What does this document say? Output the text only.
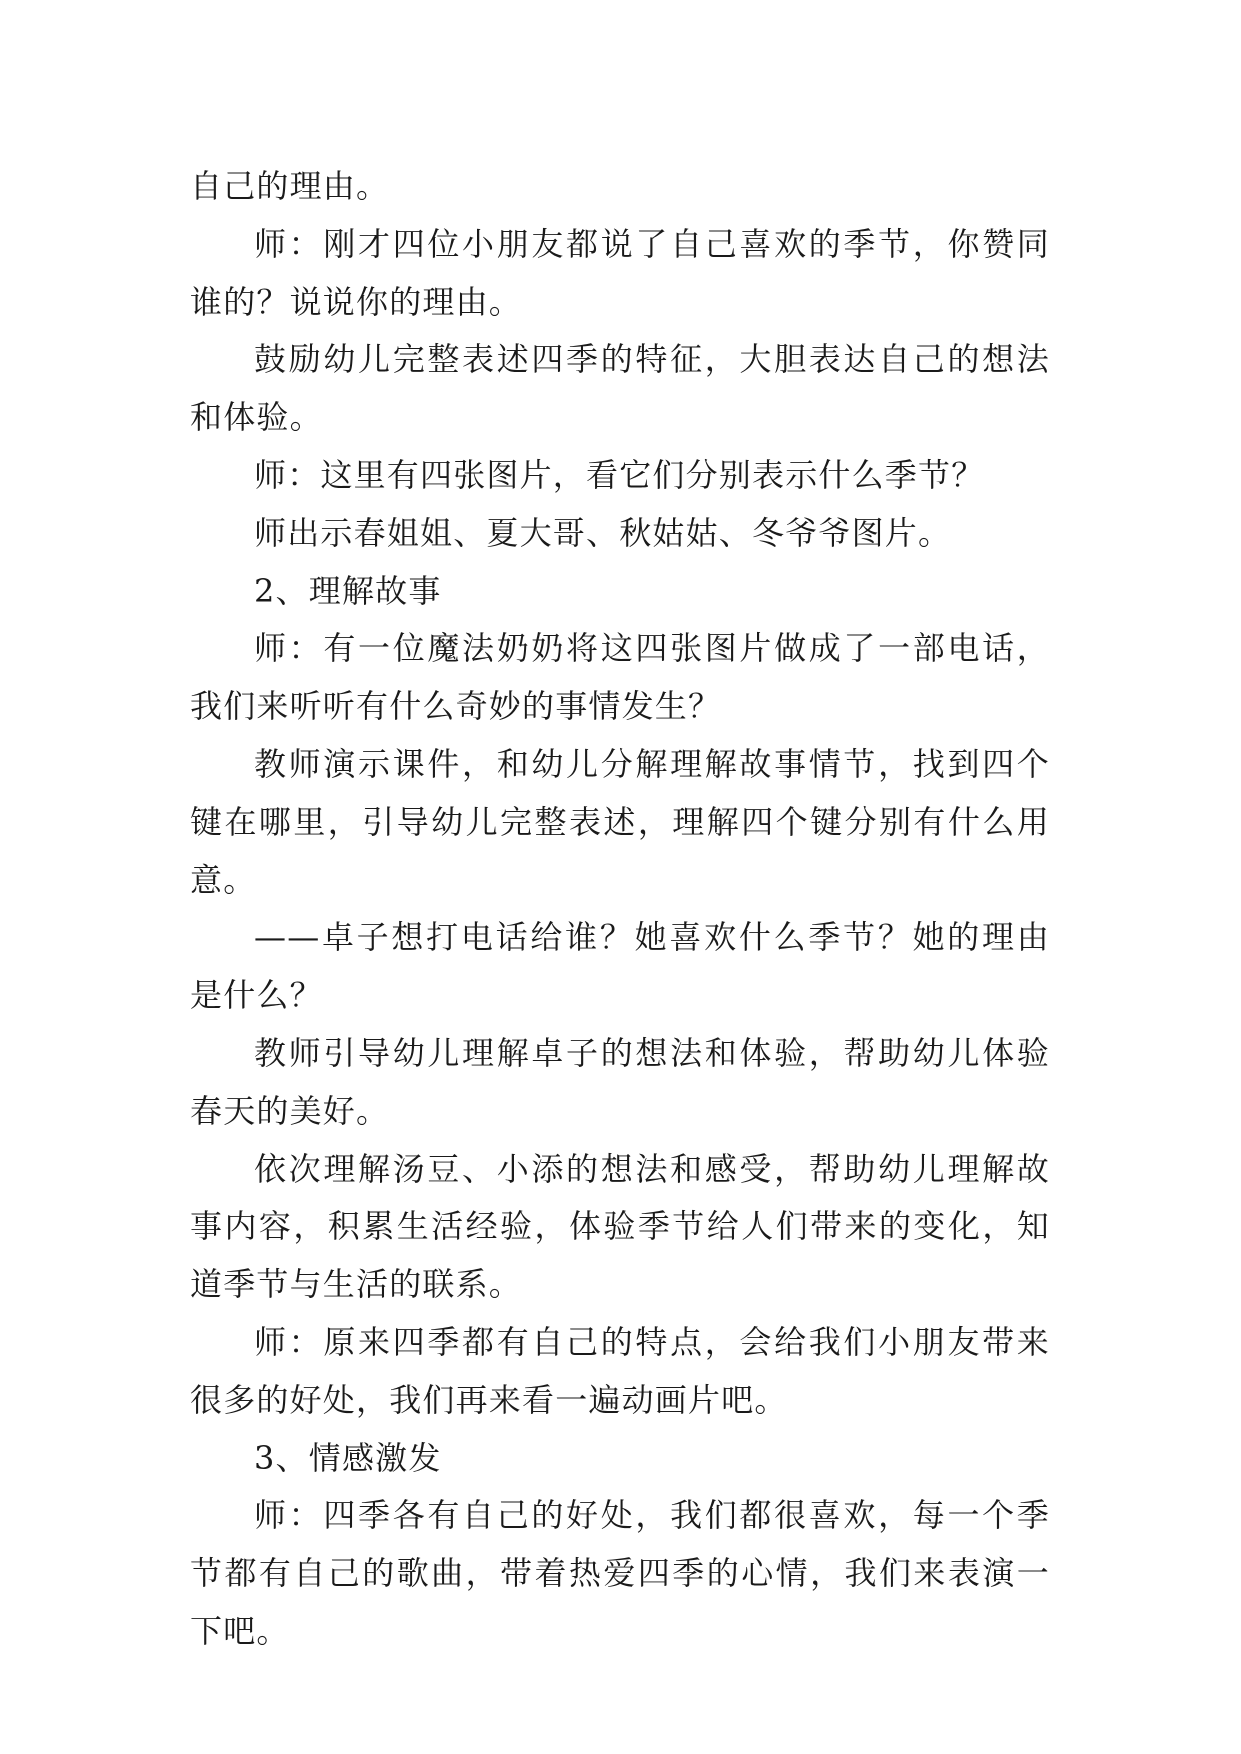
自己的理由。

师：刚才四位小朋友都说了自己喜欢的季节，你赞同谁的？说说你的理由。

鼓励幼儿完整表述四季的特征，大胆表达自己的想法和体验。

师：这里有四张图片，看它们分别表示什么季节？

师出示春姐姐、夏大哥、秋姑姑、冬爷爷图片。

2、理解故事

师：有一位魔法奶奶将这四张图片做成了一部电话，我们来听听有什么奇妙的事情发生？

教师演示课件，和幼儿分解理解故事情节，找到四个键在哪里，引导幼儿完整表述，理解四个键分别有什么用意。

——卓子想打电话给谁？她喜欢什么季节？她的理由是什么？

教师引导幼儿理解卓子的想法和体验，帮助幼儿体验春天的美好。

依次理解汤豆、小添的想法和感受，帮助幼儿理解故事内容，积累生活经验，体验季节给人们带来的变化，知道季节与生活的联系。

师：原来四季都有自己的特点，会给我们小朋友带来很多的好处，我们再来看一遍动画片吧。

3、情感激发

师：四季各有自己的好处，我们都很喜欢，每一个季节都有自己的歌曲，带着热爱四季的心情，我们来表演一下吧。
